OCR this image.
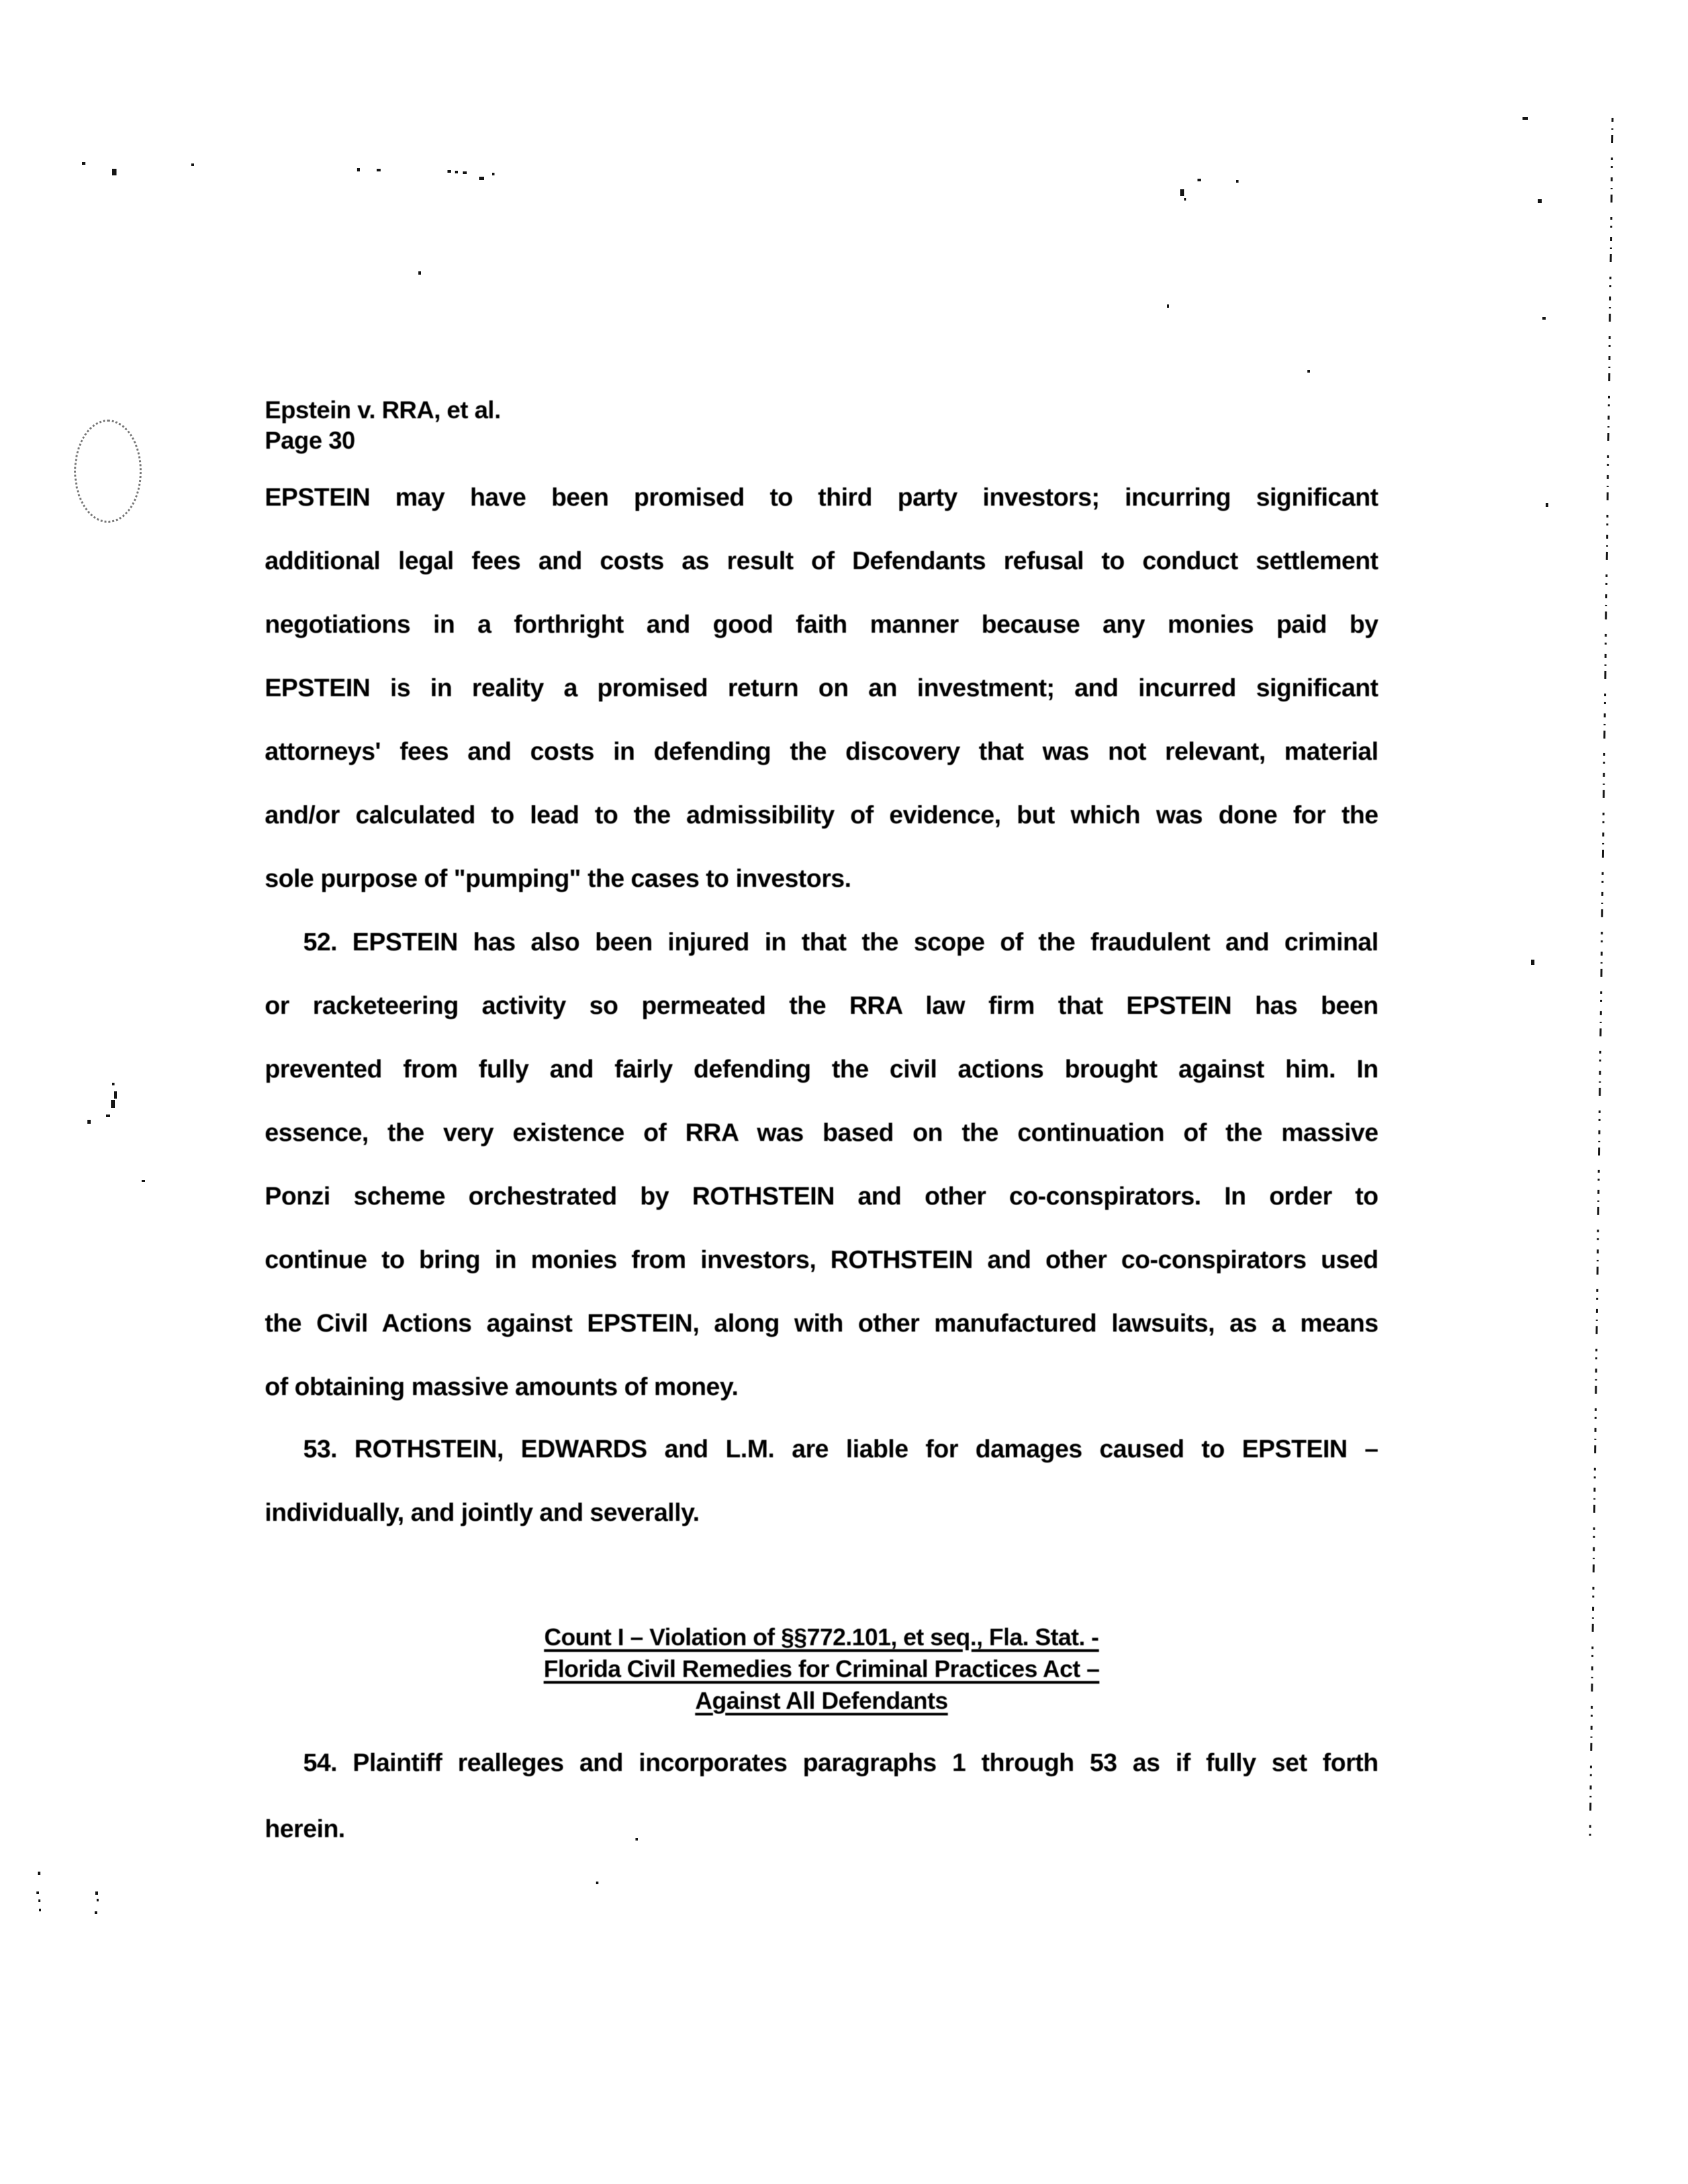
Epstein v. RRA, et al.
Page 30
EPSTEIN may have been promised to third party investors; incurring significant
additional legal fees and costs as result of Defendants refusal to conduct settlement
negotiations in a forthright and good faith manner because any monies paid by
EPSTEIN is in reality a promised return on an investment; and incurred significant
attorneys' fees and costs in defending the discovery that was not relevant, material
and/or calculated to lead to the admissibility of evidence, but which was done for the
sole purpose of "pumping" the cases to investors.
52. EPSTEIN has also been injured in that the scope of the fraudulent and criminal
or racketeering activity so permeated the RRA law firm that EPSTEIN has been
prevented from fully and fairly defending the civil actions brought against him. In
essence, the very existence of RRA was based on the continuation of the massive
Ponzi scheme orchestrated by ROTHSTEIN and other co-conspirators. In order to
continue to bring in monies from investors, ROTHSTEIN and other co-conspirators used
the Civil Actions against EPSTEIN, along with other manufactured lawsuits, as a means
of obtaining massive amounts of money.
53. ROTHSTEIN, EDWARDS and L.M. are liable for damages caused to EPSTEIN –
individually, and jointly and severally.
Count I – Violation of §§772.101, et seq., Fla. Stat. -
Florida Civil Remedies for Criminal Practices Act –
Against All Defendants
54. Plaintiff realleges and incorporates paragraphs 1 through 53 as if fully set forth
herein.
